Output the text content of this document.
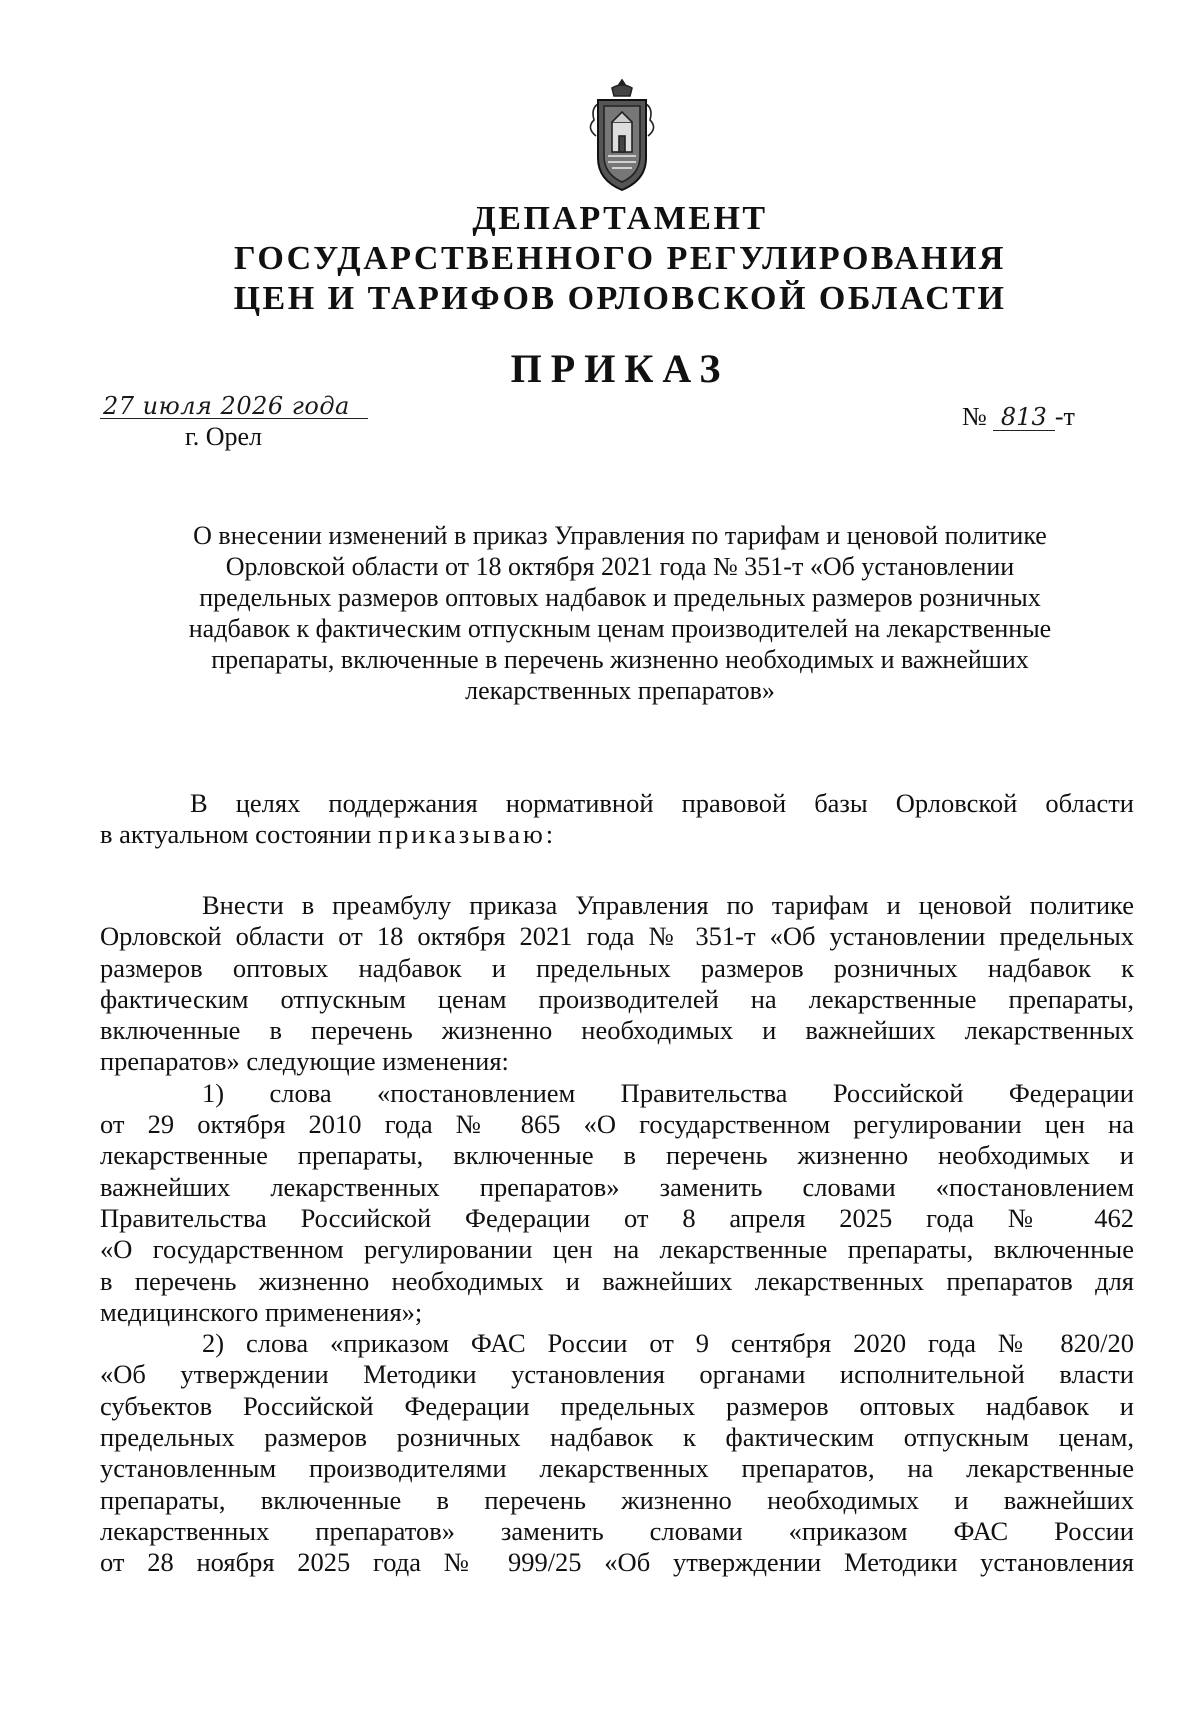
ДЕПАРТАМЕНТ
ГОСУДАРСТВЕННОГО РЕГУЛИРОВАНИЯ
ЦЕН И ТАРИФОВ ОРЛОВСКОЙ ОБЛАСТИ
ПРИКАЗ
27 июля 2026 года
г. Орел
№ 813 -т
О внесении изменений в приказ Управления по тарифам и ценовой политике
Орловской области от 18 октября 2021 года № 351-т «Об установлении
предельных размеров оптовых надбавок и предельных размеров розничных
надбавок к фактическим отпускным ценам производителей на лекарственные
препараты, включенные в перечень жизненно необходимых и важнейших
лекарственных препаратов»
В целях поддержания нормативной правовой базы Орловской области
в актуальном состоянии приказываю:
Внести в преамбулу приказа Управления по тарифам и ценовой политике
Орловской области от 18 октября 2021 года № 351-т «Об установлении предельных
размеров оптовых надбавок и предельных размеров розничных надбавок к
фактическим отпускным ценам производителей на лекарственные препараты,
включенные в перечень жизненно необходимых и важнейших лекарственных
препаратов» следующие изменения:
1) слова «постановлением Правительства Российской Федерации
от 29 октября 2010 года № 865 «О государственном регулировании цен на
лекарственные препараты, включенные в перечень жизненно необходимых и
важнейших лекарственных препаратов» заменить словами «постановлением
Правительства Российской Федерации от 8 апреля 2025 года № 462
«О государственном регулировании цен на лекарственные препараты, включенные
в перечень жизненно необходимых и важнейших лекарственных препаратов для
медицинского применения»;
2) слова «приказом ФАС России от 9 сентября 2020 года № 820/20
«Об утверждении Методики установления органами исполнительной власти
субъектов Российской Федерации предельных размеров оптовых надбавок и
предельных размеров розничных надбавок к фактическим отпускным ценам,
установленным производителями лекарственных препаратов, на лекарственные
препараты, включенные в перечень жизненно необходимых и важнейших
лекарственных препаратов» заменить словами «приказом ФАС России
от 28 ноября 2025 года № 999/25 «Об утверждении Методики установления
